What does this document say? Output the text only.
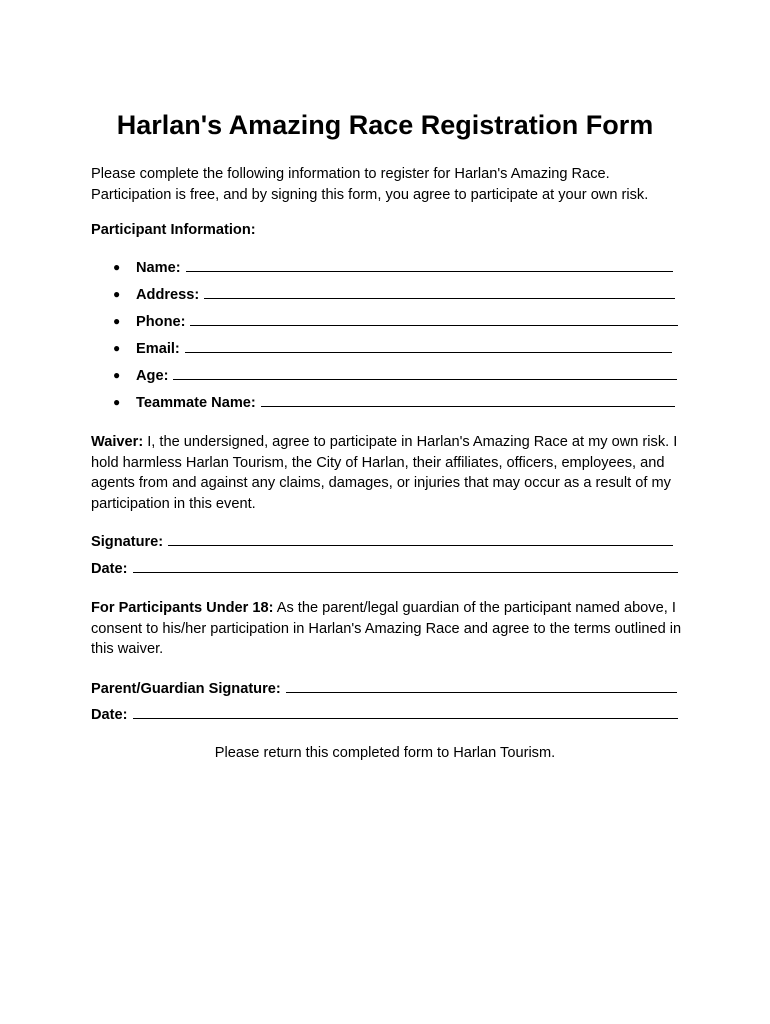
Harlan's Amazing Race Registration Form

Please complete the following information to register for Harlan's Amazing Race. Participation is free, and by signing this form, you agree to participate at your own risk.

Participant Information:

● Name:
● Address:
● Phone:
● Email:
● Age:
● Teammate Name:

Waiver: I, the undersigned, agree to participate in Harlan's Amazing Race at my own risk. I hold harmless Harlan Tourism, the City of Harlan, their affiliates, officers, employees, and agents from and against any claims, damages, or injuries that may occur as a result of my participation in this event.

Signature:
Date:

For Participants Under 18: As the parent/legal guardian of the participant named above, I consent to his/her participation in Harlan's Amazing Race and agree to the terms outlined in this waiver.

Parent/Guardian Signature:
Date:

Please return this completed form to Harlan Tourism.
